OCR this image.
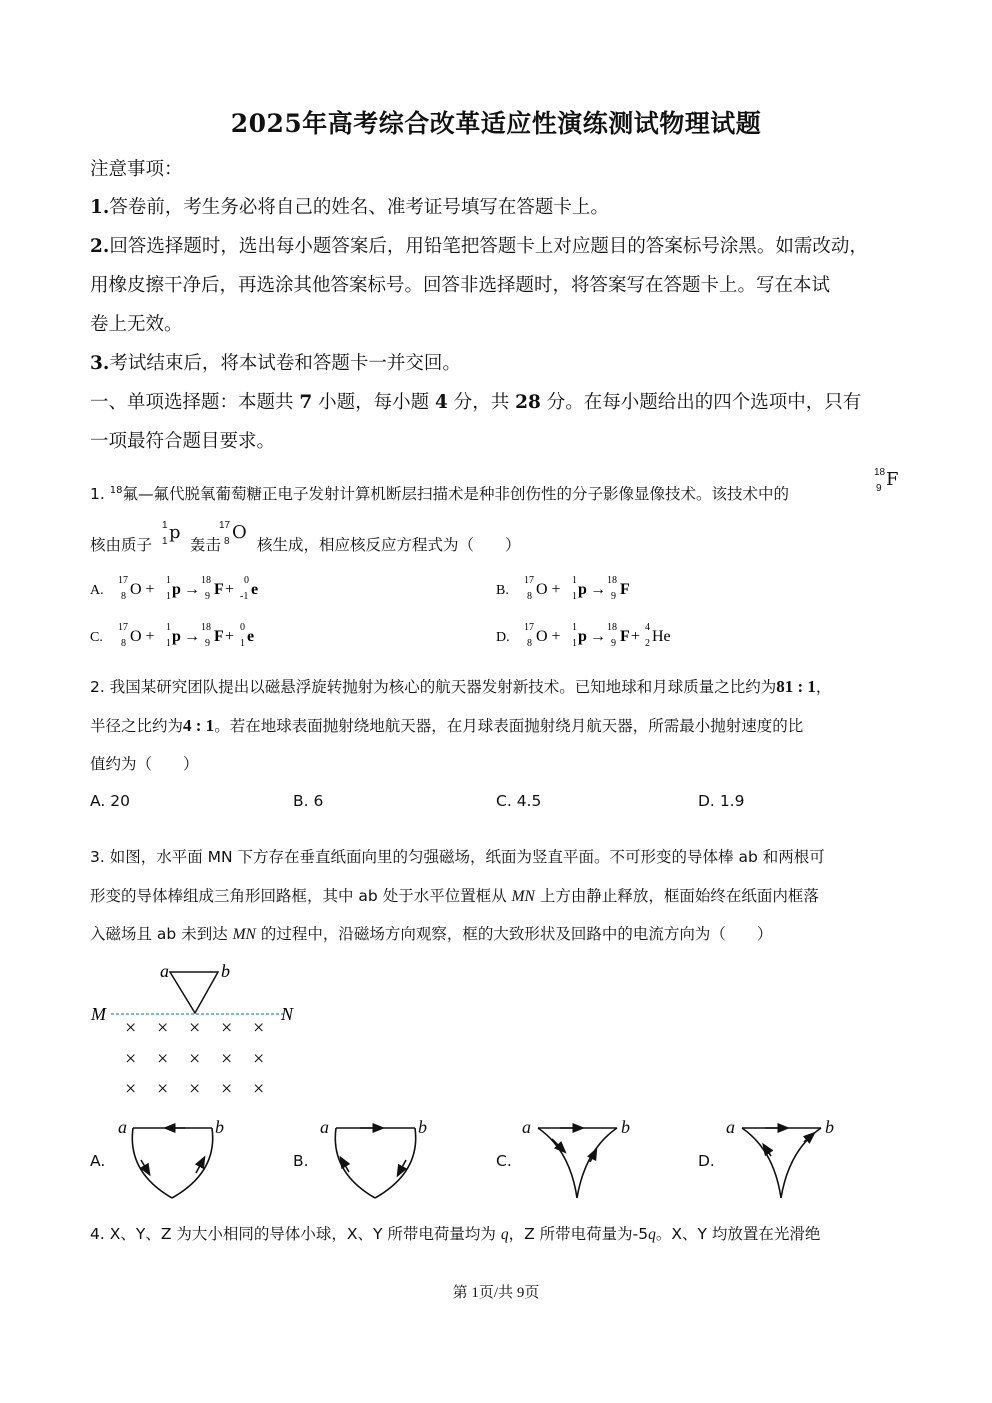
2025年高考综合改革适应性演练测试物理试题
注意事项：
1.答卷前，考生务必将自己的姓名、准考证号填写在答题卡上。
2.回答选择题时，选出每小题答案后，用铅笔把答题卡上对应题目的答案标号涂黑。如需改动，
用橡皮擦干净后，再选涂其他答案标号。回答非选择题时，将答案写在答题卡上。写在本试
卷上无效。
3.考试结束后，将本试卷和答题卡一并交回。
一、单项选择题：本题共 7 小题，每小题 4 分，共 28 分。在每小题给出的四个选项中，只有
一项最符合题目要求。
1. $^{18}$氟—氟代脱氧葡萄糖正电子发射计算机断层扫描术是种非创伤性的分子影像显像技术。该技术中的
18
9 F
核由质子 轰击 核生成，相应核反应方程式为（　　）
1
1 p	17
8 O
A.
17
8 O +
1
1 p →
18
9 F +
0
-1 e	B.
17
8 O +
1
1 p →
18
9 F
C.
17
8 O +
1
1 p →
18
9 F +
0
1 e	D.
17
8 O +
1
1 p →
18
9 F +
4
2 He
2. 我国某研究团队提出以磁悬浮旋转抛射为核心的航天器发射新技术。已知地球和月球质量之比约为81 : 1，
半径之比约为4 : 1。若在地球表面抛射绕地航天器，在月球表面抛射绕月航天器，所需最小抛射速度的比
值约为（　　）
A. 20	B. 6	C. 4.5	D. 1.9
3. 如图，水平面 MN 下方存在垂直纸面向里的匀强磁场，纸面为竖直平面。不可形变的导体棒 ab 和两根可
形变的导体棒组成三角形回路框，其中 ab 处于水平位置框从 MN 上方由静止释放，框面始终在纸面内框落
入磁场且 ab 未到达 MN 的过程中，沿磁场方向观察，框的大致形状及回路中的电流方向为（　　）
a	b
M	N
× × × × ×
× × × × ×
× × × × ×
A.	B.	C.	D.
a	b	a	b	a	b	a	b
4. X、Y、Z 为大小相同的导体小球，X、Y 所带电荷量均为 q，Z 所带电荷量为-5q。X、Y 均放置在光滑绝
第 1页/共 9页
